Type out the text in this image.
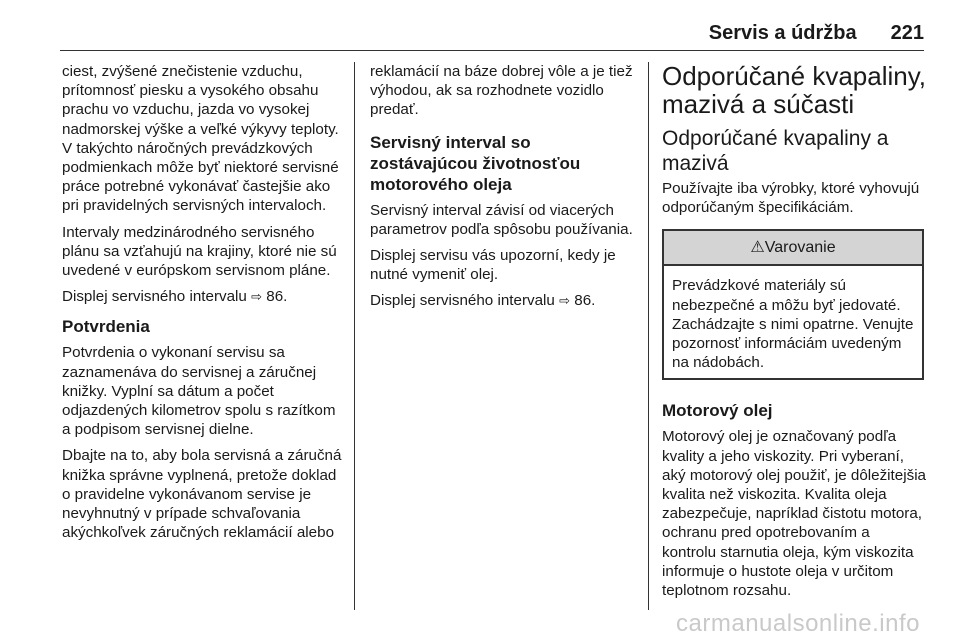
Servis a údržba 221

ciest, zvýšené znečistenie vzduchu, prítomnosť piesku a vysokého obsahu prachu vo vzduchu, jazda vo vysokej nadmorskej výške a veľké výkyvy teploty. V takýchto náročných prevádzkových podmienkach môže byť niektoré servisné práce potrebné vykonávať častejšie ako pri pravidelných servisných intervaloch.

Intervaly medzinárodného servisného plánu sa vzťahujú na krajiny, ktoré nie sú uvedené v európskom servisnom pláne.

Displej servisného intervalu ⇨ 86.

Potvrdenia

Potvrdenia o vykonaní servisu sa zaznamenáva do servisnej a záručnej knižky. Vyplní sa dátum a počet odjazdených kilometrov spolu s razítkom a podpisom servisnej dielne.

Dbajte na to, aby bola servisná a záručná knižka správne vyplnená, pretože doklad o pravidelne vykonávanom servise je nevyhnutný v prípade schvaľovania akýchkoľvek záručných reklamácií alebo

reklamácií na báze dobrej vôle a je tiež výhodou, ak sa rozhodnete vozidlo predať.

Servisný interval so zostávajúcou životnosťou motorového oleja

Servisný interval závisí od viacerých parametrov podľa spôsobu používania.

Displej servisu vás upozorní, kedy je nutné vymeniť olej.

Displej servisného intervalu ⇨ 86.

Odporúčané kvapaliny, mazivá a súčasti
Odporúčané kvapaliny a mazivá

Používajte iba výrobky, ktoré vyhovujú odporúčaným špecifikáciám.

⚠Varovanie

Prevádzkové materiály sú nebezpečné a môžu byť jedovaté. Zachádzajte s nimi opatrne. Venujte pozornosť informáciám uvedeným na nádobách.

Motorový olej

Motorový olej je označovaný podľa kvality a jeho viskozity. Pri vyberaní, aký motorový olej použiť, je dôležitejšia kvalita než viskozita. Kvalita oleja zabezpečuje, napríklad čistotu motora, ochranu pred opotrebovaním a kontrolu starnutia oleja, kým viskozita informuje o hustote oleja v určitom teplotnom rozsahu.

carmanualsonline.info
